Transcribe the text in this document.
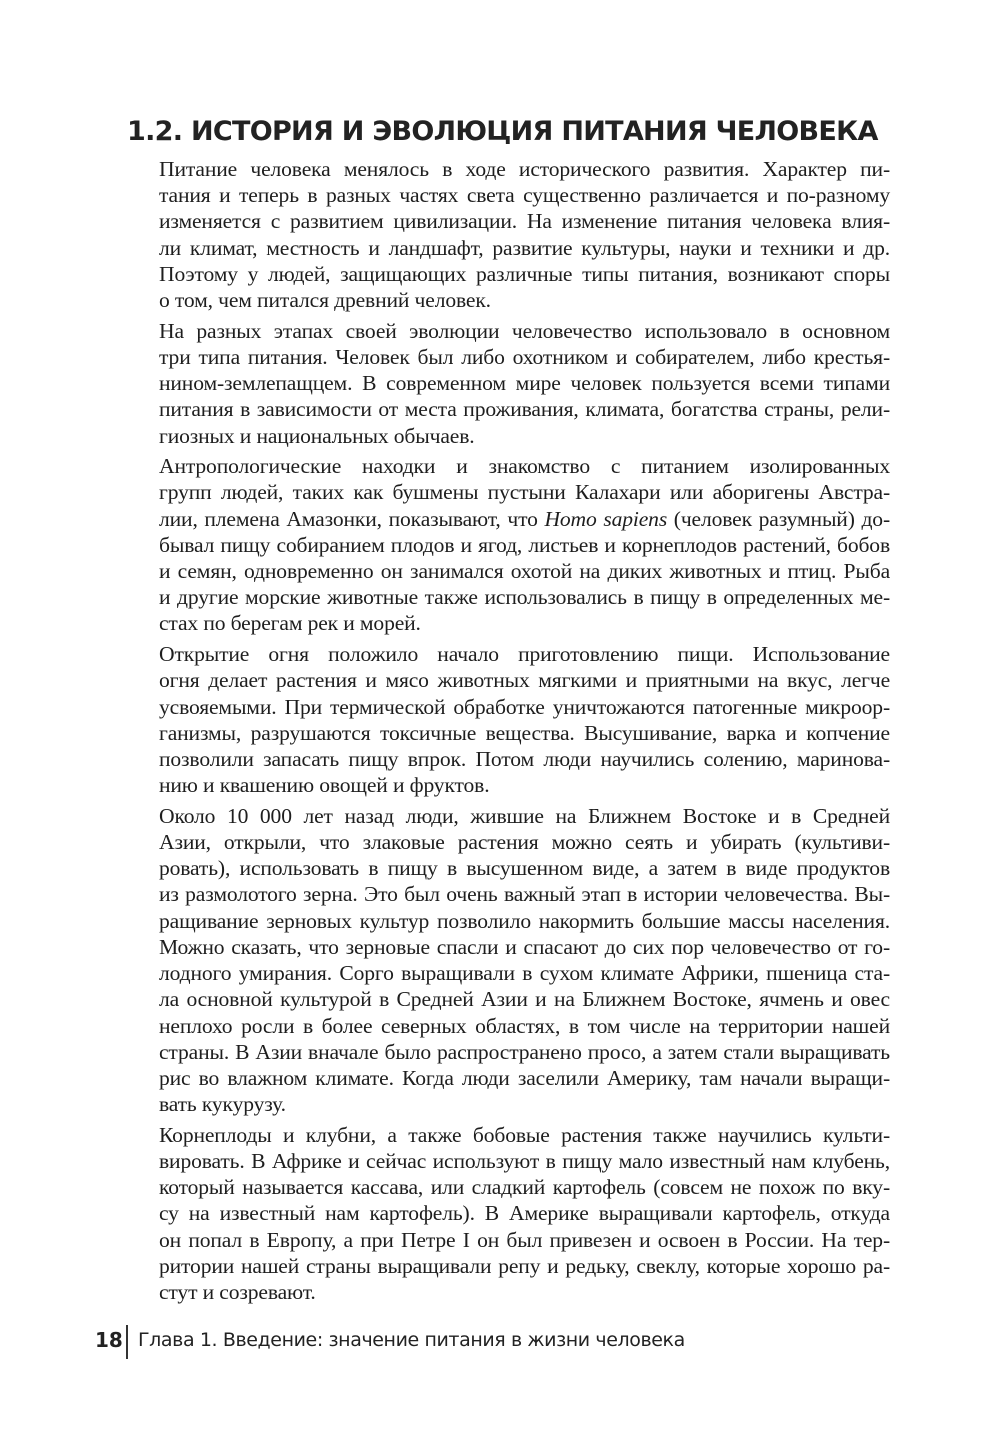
1.2. ИСТОРИЯ И ЭВОЛЮЦИЯ ПИТАНИЯ ЧЕЛОВЕКА

Питание человека менялось в ходе исторического развития. Характер пи-
тания и теперь в разных частях света существенно различается и по-разному
изменяется с развитием цивилизации. На изменение питания человека влия-
ли климат, местность и ландшафт, развитие культуры, науки и техники и др.
Поэтому у людей, защищающих различные типы питания, возникают споры
о том, чем питался древний человек.

На разных этапах своей эволюции человечество использовало в основном
три типа питания. Человек был либо охотником и собирателем, либо крестья-
нином-землепащцем. В современном мире человек пользуется всеми типами
питания в зависимости от места проживания, климата, богатства страны, рели-
гиозных и национальных обычаев.

Антропологические находки и знакомство с питанием изолированных
групп людей, таких как бушмены пустыни Калахари или аборигены Австра-
лии, племена Амазонки, показывают, что Homo sapiens (человек разумный) до-
бывал пищу собиранием плодов и ягод, листьев и корнеплодов растений, бобов
и семян, одновременно он занимался охотой на диких животных и птиц. Рыба
и другие морские животные также использовались в пищу в определенных ме-
стах по берегам рек и морей.

Открытие огня положило начало приготовлению пищи. Использование
огня делает растения и мясо животных мягкими и приятными на вкус, легче
усвояемыми. При термической обработке уничтожаются патогенные микроор-
ганизмы, разрушаются токсичные вещества. Высушивание, варка и копчение
позволили запасать пищу впрок. Потом люди научились солению, маринова-
нию и квашению овощей и фруктов.

Около 10 000 лет назад люди, жившие на Ближнем Востоке и в Средней
Азии, открыли, что злаковые растения можно сеять и убирать (культиви-
ровать), использовать в пищу в высушенном виде, а затем в виде продуктов
из размолотого зерна. Это был очень важный этап в истории человечества. Вы-
ращивание зерновых культур позволило накормить большие массы населения.
Можно сказать, что зерновые спасли и спасают до сих пор человечество от го-
лодного умирания. Сорго выращивали в сухом климате Африки, пшеница ста-
ла основной культурой в Средней Азии и на Ближнем Востоке, ячмень и овес
неплохо росли в более северных областях, в том числе на территории нашей
страны. В Азии вначале было распространено просо, а затем стали выращивать
рис во влажном климате. Когда люди заселили Америку, там начали выращи-
вать кукурузу.

Корнеплоды и клубни, а также бобовые растения также научились культи-
вировать. В Африке и сейчас используют в пищу мало известный нам клубень,
который называется кассава, или сладкий картофель (совсем не похож по вку-
су на известный нам картофель). В Америке выращивали картофель, откуда
он попал в Европу, а при Петре I он был привезен и освоен в России. На тер-
ритории нашей страны выращивали репу и редьку, свеклу, которые хорошо ра-
стут и созревают.

18 Глава 1. Введение: значение питания в жизни человека
